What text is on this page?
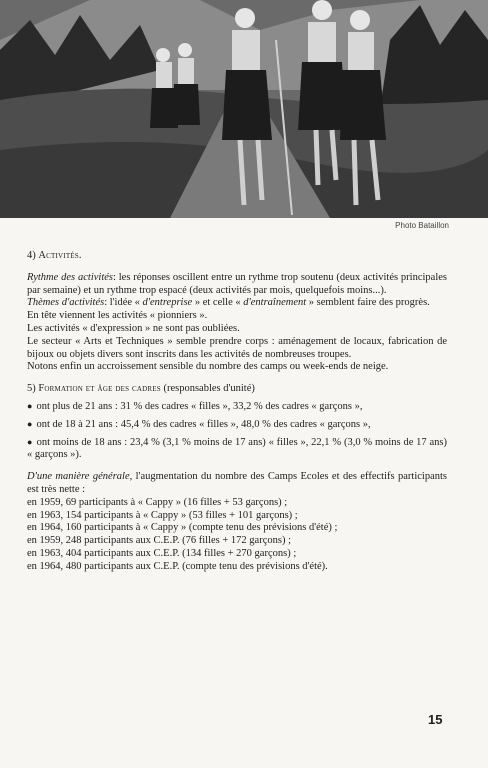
Photo Bataillon

4) Activités.

Rythme des activités: les réponses oscillent entre un rythme trop soutenu (deux activités principales par semaine) et un rythme trop espacé (deux activités par mois, quelquefois moins...).

Thèmes d'activités: l'idée « d'entreprise » et celle « d'entraînement » semblent faire des progrès.

En tête viennent les activités « pionniers ».

Les activités « d'expression » ne sont pas oubliées.

Le secteur « Arts et Techniques » semble prendre corps : aménagement de locaux, fabrication de bijoux ou objets divers sont inscrits dans les activités de nombreuses troupes.

Notons enfin un accroissement sensible du nombre des camps ou week-ends de neige.

5) Formation et âge des cadres (responsables d'unité)

● ont plus de 21 ans : 31 % des cadres « filles », 33,2 % des cadres « garçons »,

● ont de 18 à 21 ans : 45,4 % des cadres « filles », 48,0 % des cadres « garçons »,

● ont moins de 18 ans : 23,4 % (3,1 % moins de 17 ans) « filles », 22,1 % (3,0 % moins de 17 ans) « garçons »).

D'une manière générale, l'augmentation du nombre des Camps Ecoles et des effectifs participants est très nette :

en 1959, 69 participants à « Cappy » (16 filles + 53 garçons) ;

en 1963, 154 participants à « Cappy » (53 filles + 101 garçons) ;

en 1964, 160 participants à « Cappy » (compte tenu des prévisions d'été) ;

en 1959, 248 participants aux C.E.P. (76 filles + 172 garçons) ;

en 1963, 404 participants aux C.E.P. (134 filles + 270 garçons) ;

en 1964, 480 participants aux C.E.P. (compte tenu des prévisions d'été).

15
